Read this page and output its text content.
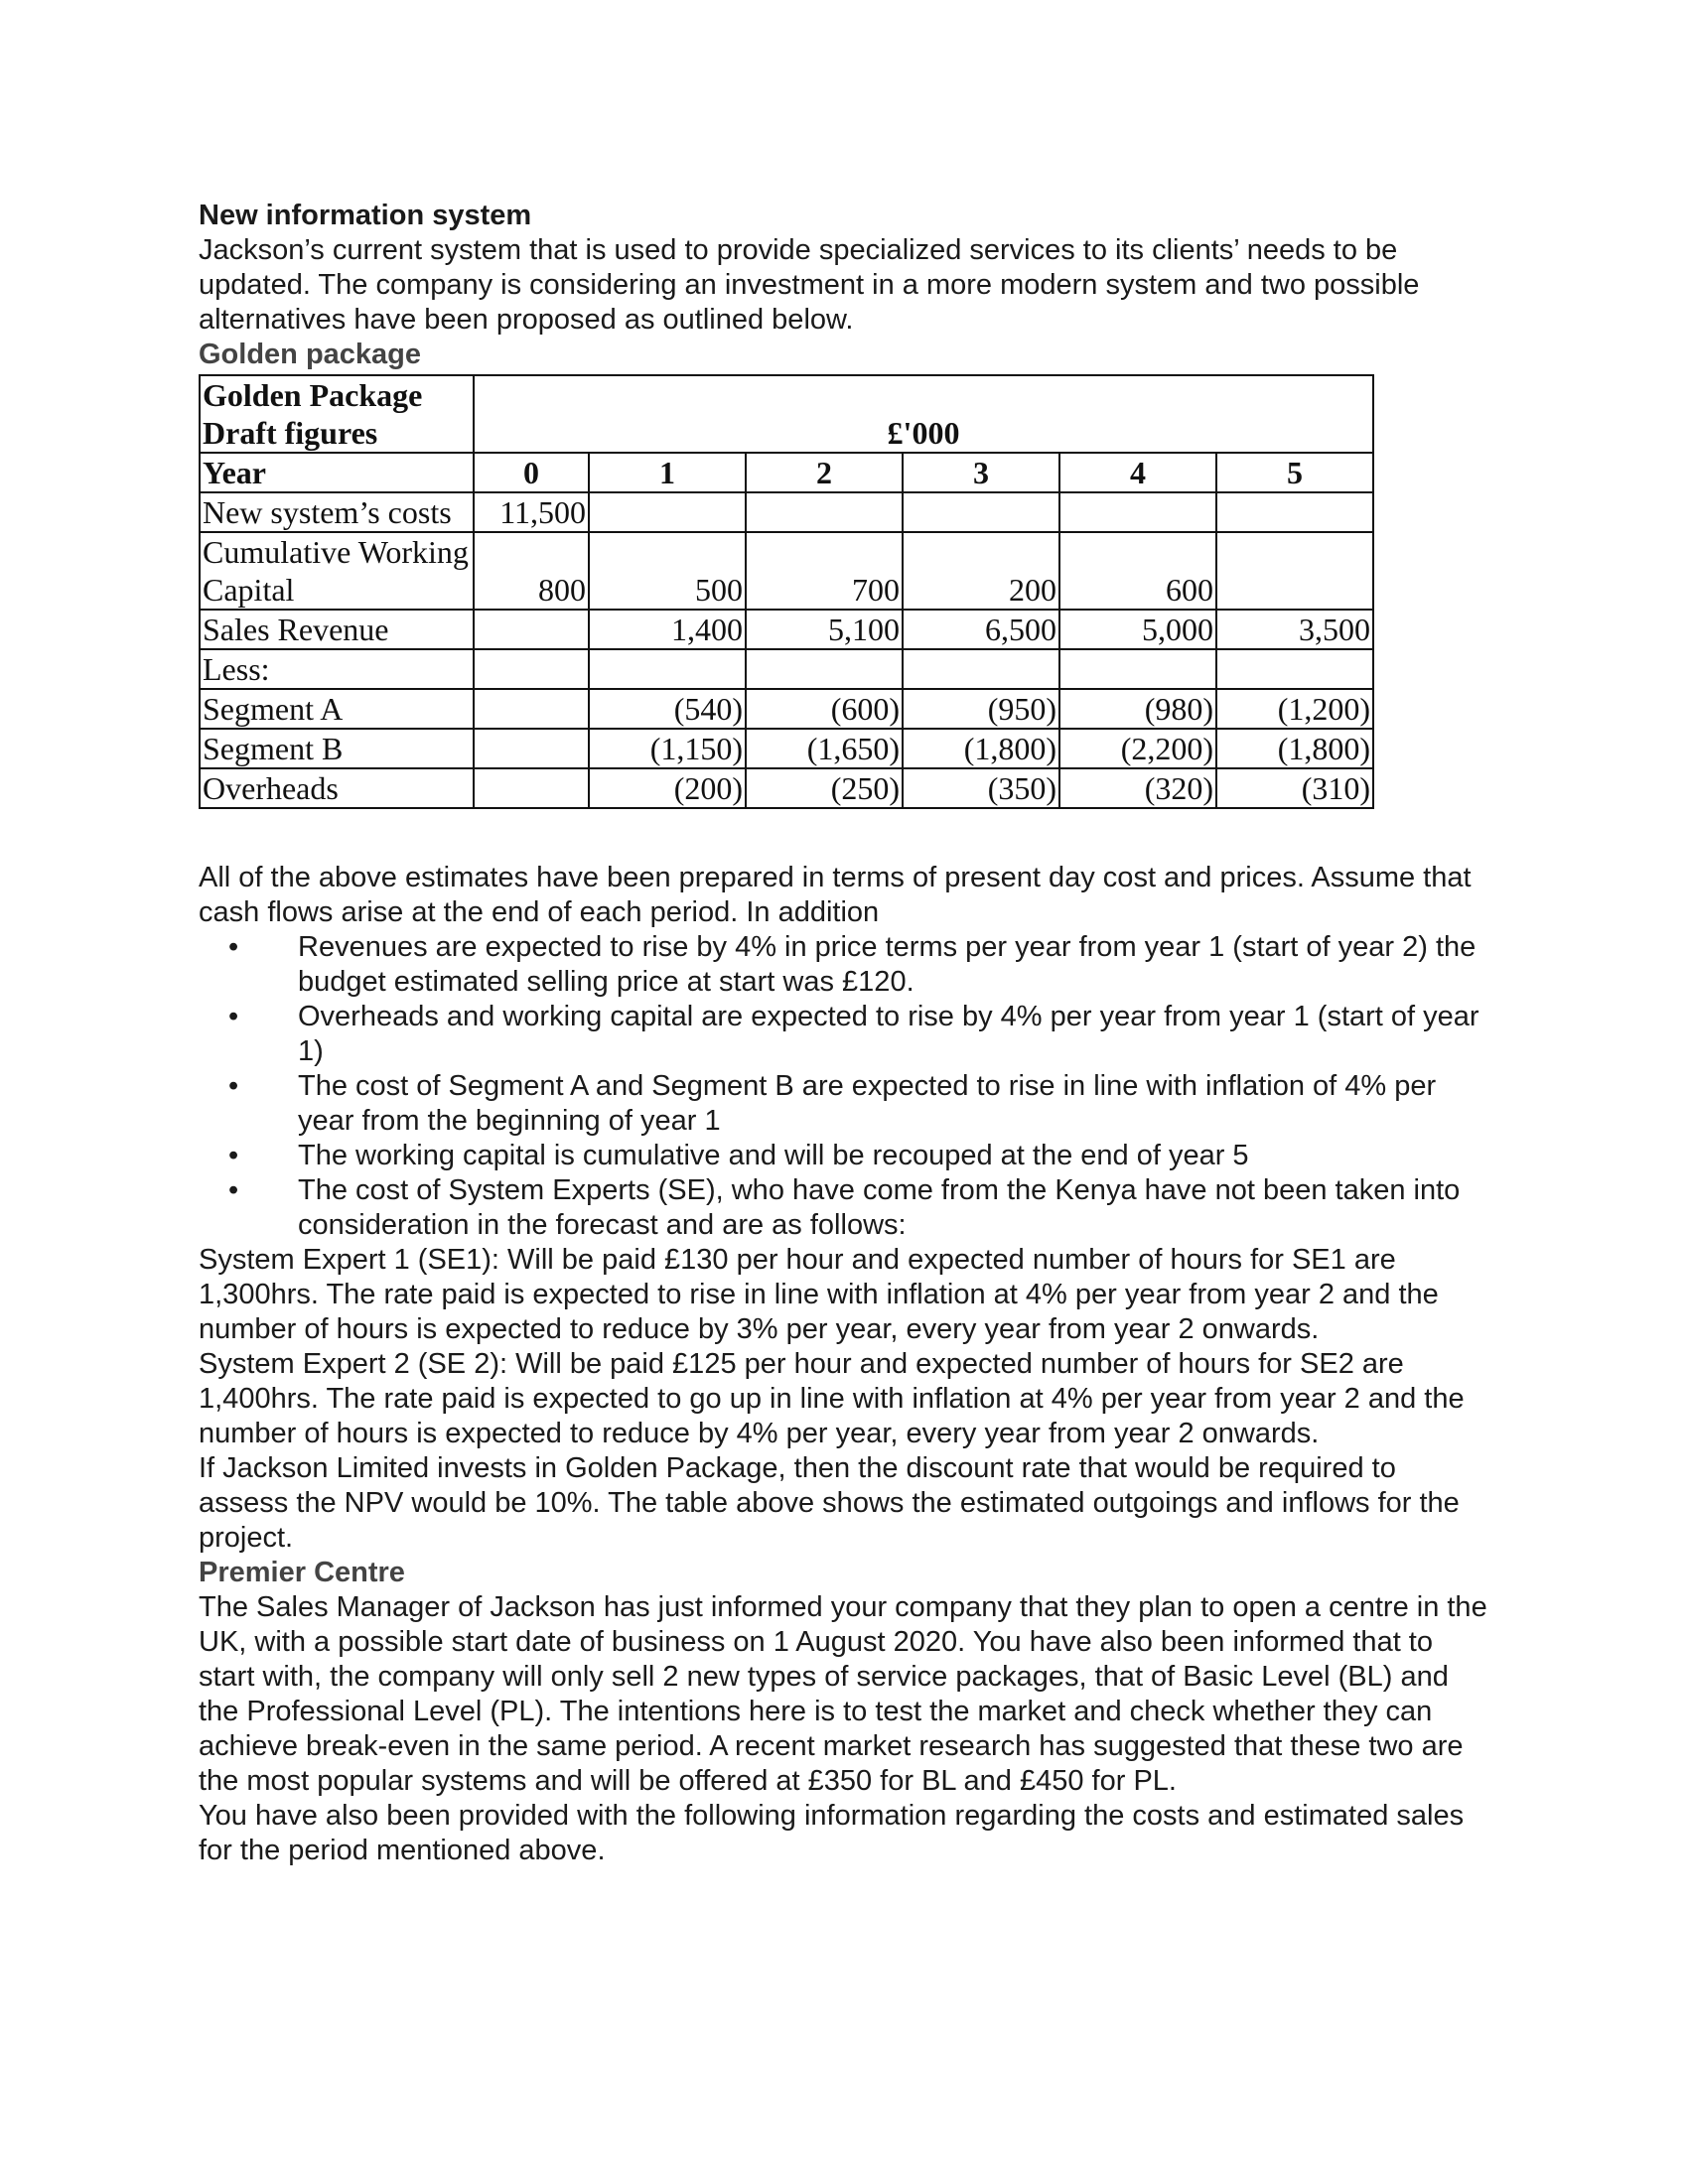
New information system

Jackson’s current system that is used to provide specialized services to its clients’ needs to be updated. The company is considering an investment in a more modern system and two possible alternatives have been proposed as outlined below.

Golden package

Golden Package
Draft figures	£'000					
Year	0	1	2	3	4	5
New system’s costs	11,500					
Cumulative Working Capital	800	500	700	200	600	
Sales Revenue		1,400	5,100	6,500	5,000	3,500
Less:						
Segment A		(540)	(600)	(950)	(980)	(1,200)
Segment B		(1,150)	(1,650)	(1,800)	(2,200)	(1,800)
Overheads		(200)	(250)	(350)	(320)	(310)

All of the above estimates have been prepared in terms of present day cost and prices. Assume that cash flows arise at the end of each period. In addition

• Revenues are expected to rise by 4% in price terms per year from year 1 (start of year 2) the budget estimated selling price at start was £120.
• Overheads and working capital are expected to rise by 4% per year from year 1 (start of year 1)
• The cost of Segment A and Segment B are expected to rise in line with inflation of 4% per year from the beginning of year 1
• The working capital is cumulative and will be recouped at the end of year 5
• The cost of System Experts (SE), who have come from the Kenya have not been taken into consideration in the forecast and are as follows:

System Expert 1 (SE1): Will be paid £130 per hour and expected number of hours for SE1 are 1,300hrs. The rate paid is expected to rise in line with inflation at 4% per year from year 2 and the number of hours is expected to reduce by 3% per year, every year from year 2 onwards.

System Expert 2 (SE 2): Will be paid £125 per hour and expected number of hours for SE2 are 1,400hrs. The rate paid is expected to go up in line with inflation at 4% per year from year 2 and the number of hours is expected to reduce by 4% per year, every year from year 2 onwards.

If Jackson Limited invests in Golden Package, then the discount rate that would be required to assess the NPV would be 10%. The table above shows the estimated outgoings and inflows for the project.

Premier Centre

The Sales Manager of Jackson has just informed your company that they plan to open a centre in the UK, with a possible start date of business on 1 August 2020. You have also been informed that to start with, the company will only sell 2 new types of service packages, that of Basic Level (BL) and the Professional Level (PL). The intentions here is to test the market and check whether they can achieve break-even in the same period. A recent market research has suggested that these two are the most popular systems and will be offered at £350 for BL and £450 for PL.

You have also been provided with the following information regarding the costs and estimated sales for the period mentioned above.
